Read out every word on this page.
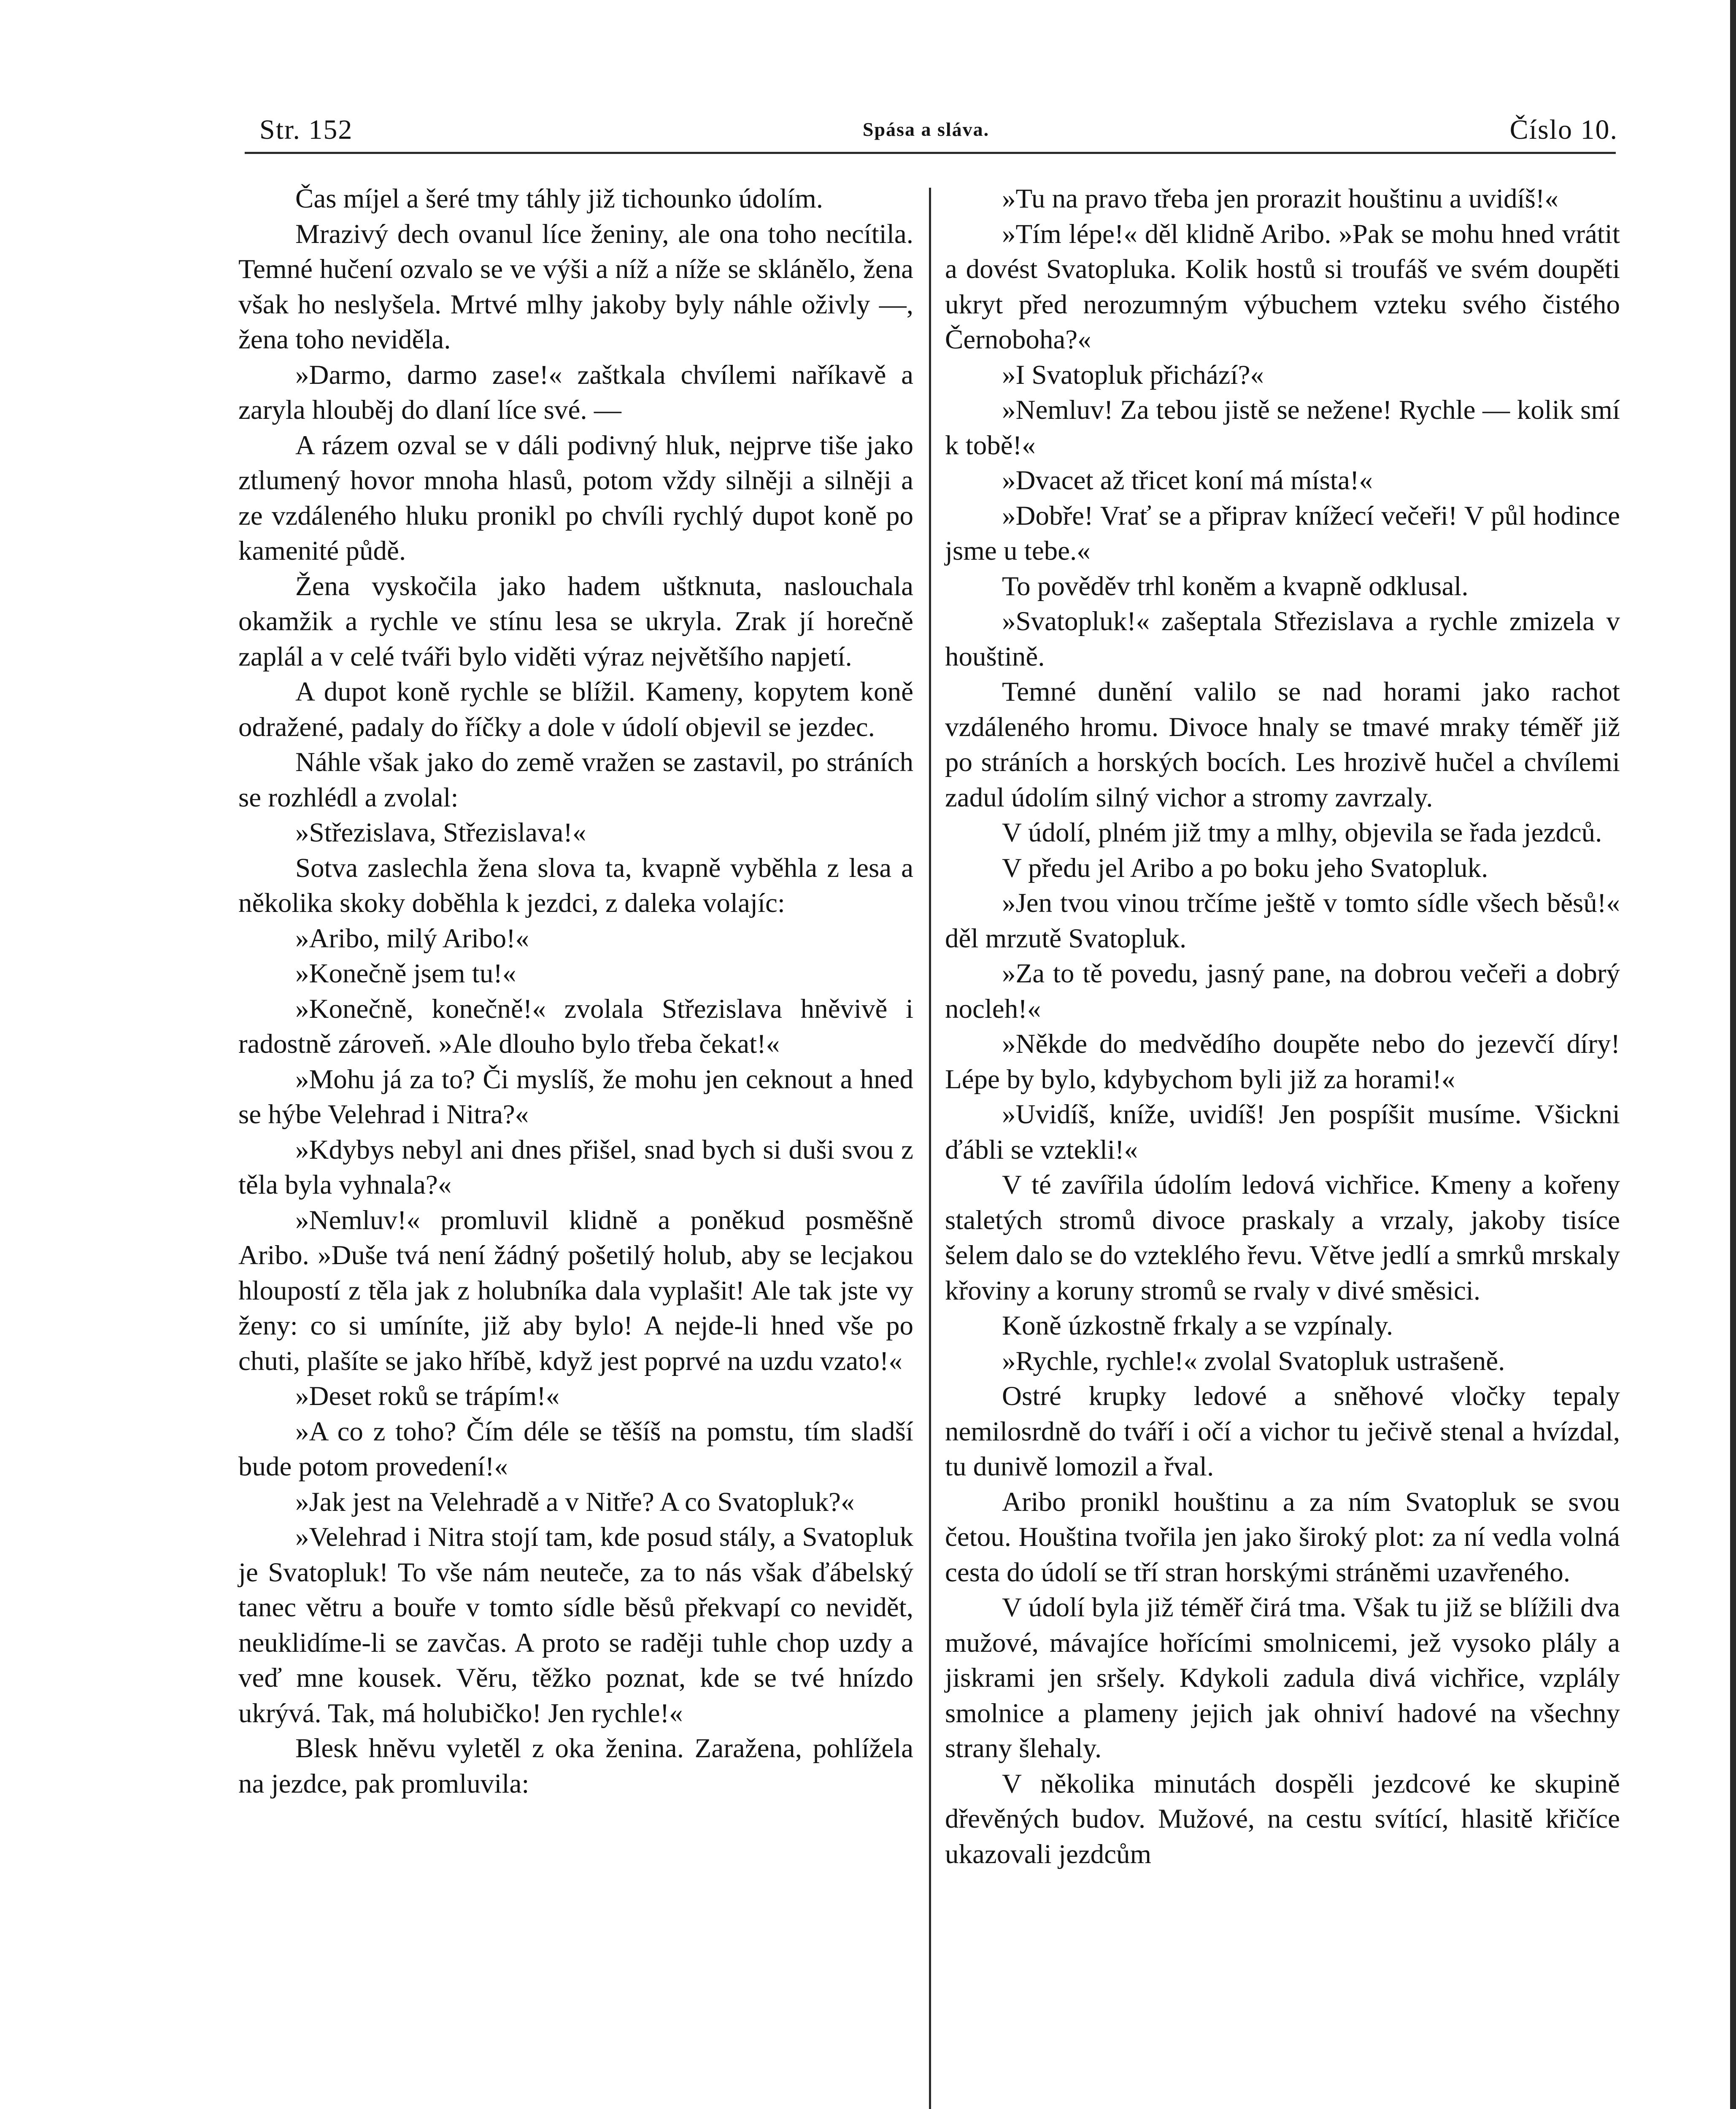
Str. 152	Spása a sláva.	Číslo 10.

Čas míjel a šeré tmy táhly již tichounko údolím.

Mrazivý dech ovanul líce ženiny, ale ona toho necítila. Temné hučení ozvalo se ve výši a níž a níže se sklánělo, žena však ho neslyšela. Mrtvé mlhy jakoby byly náhle oživly —, žena toho neviděla.

»Darmo, darmo zase!« zaštkala chvílemi naříkavě a zaryla hlouběj do dlaní líce své. —

A rázem ozval se v dáli podivný hluk, nejprve tiše jako ztlumený hovor mnoha hlasů, potom vždy silněji a silněji a ze vzdáleného hluku pronikl po chvíli rychlý dupot koně po kamenité půdě.

Žena vyskočila jako hadem uštknuta, naslouchala okamžik a rychle ve stínu lesa se ukryla. Zrak jí horečně zaplál a v celé tváři bylo viděti výraz největšího napjetí.

A dupot koně rychle se blížil. Kameny, kopytem koně odražené, padaly do říčky a dole v údolí objevil se jezdec.

Náhle však jako do země vražen se zastavil, po stráních se rozhlédl a zvolal:

»Střezislava, Střezislava!«

Sotva zaslechla žena slova ta, kvapně vyběhla z lesa a několika skoky doběhla k jezdci, z daleka volajíc:

»Aribo, milý Aribo!«

»Konečně jsem tu!«

»Konečně, konečně!« zvolala Střezislava hněvivě i radostně zároveň. »Ale dlouho bylo třeba čekat!«

»Mohu já za to? Či myslíš, že mohu jen ceknout a hned se hýbe Velehrad i Nitra?«

»Kdybys nebyl ani dnes přišel, snad bych si duši svou z těla byla vyhnala?«

»Nemluv!« promluvil klidně a poněkud posměšně Aribo. »Duše tvá není žádný pošetilý holub, aby se lecjakou hloupostí z těla jak z holubníka dala vyplašit! Ale tak jste vy ženy: co si umíníte, již aby bylo! A nejde-li hned vše po chuti, plašíte se jako hříbě, když jest poprvé na uzdu vzato!«

»Deset roků se trápím!«

»A co z toho? Čím déle se těšíš na pomstu, tím sladší bude potom provedení!«

»Jak jest na Velehradě a v Nitře? A co Svatopluk?«

»Velehrad i Nitra stojí tam, kde posud stály, a Svatopluk je Svatopluk! To vše nám neuteče, za to nás však ďábelský tanec větru a bouře v tomto sídle běsů překvapí co nevidět, neuklidíme-li se zavčas. A proto se raději tuhle chop uzdy a veď mne kousek. Věru, těžko poznat, kde se tvé hnízdo ukrývá. Tak, má holubičko! Jen rychle!«

Blesk hněvu vyletěl z oka ženina. Zaražena, pohlížela na jezdce, pak promluvila:

»Tu na pravo třeba jen prorazit houštinu a uvidíš!«

»Tím lépe!« děl klidně Aribo. »Pak se mohu hned vrátit a dovést Svatopluka. Kolik hostů si troufáš ve svém doupěti ukryt před nerozumným výbuchem vzteku svého čistého Černoboha?«

»I Svatopluk přichází?«

»Nemluv! Za tebou jistě se nežene! Rychle — kolik smí k tobě!«

»Dvacet až třicet koní má místa!«

»Dobře! Vrať se a připrav knížecí večeři! V půl hodince jsme u tebe.«

To pověděv trhl koněm a kvapně odklusal.

»Svatopluk!« zašeptala Střezislava a rychle zmizela v houštině.

Temné dunění valilo se nad horami jako rachot vzdáleného hromu. Divoce hnaly se tmavé mraky téměř již po stráních a horských bocích. Les hrozivě hučel a chvílemi zadul údolím silný vichor a stromy zavrzaly.

V údolí, plném již tmy a mlhy, objevila se řada jezdců.

V předu jel Aribo a po boku jeho Svatopluk.

»Jen tvou vinou trčíme ještě v tomto sídle všech běsů!« děl mrzutě Svatopluk.

»Za to tě povedu, jasný pane, na dobrou večeři a dobrý nocleh!«

»Někde do medvědího doupěte nebo do jezevčí díry! Lépe by bylo, kdybychom byli již za horami!«

»Uvidíš, kníže, uvidíš! Jen pospíšit musíme. Všickni ďábli se vztekli!«

V té zavířila údolím ledová vichřice. Kmeny a kořeny staletých stromů divoce praskaly a vrzaly, jakoby tisíce šelem dalo se do vzteklého řevu. Větve jedlí a smrků mrskaly křoviny a koruny stromů se rvaly v divé směsici.

Koně úzkostně frkaly a se vzpínaly.

»Rychle, rychle!« zvolal Svatopluk ustrašeně.

Ostré krupky ledové a sněhové vločky tepaly nemilosrdně do tváří i očí a vichor tu ječivě stenal a hvízdal, tu dunivě lomozil a řval.

Aribo pronikl houštinu a za ním Svatopluk se svou četou. Houština tvořila jen jako široký plot: za ní vedla volná cesta do údolí se tří stran horskými stráněmi uzavřeného.

V údolí byla již téměř čirá tma. Však tu již se blížili dva mužové, mávajíce hořícími smolnicemi, jež vysoko plály a jiskrami jen sršely. Kdykoli zadula divá vichřice, vzplály smolnice a plameny jejich jak ohniví hadové na všechny strany šlehaly.

V několika minutách dospěli jezdcové ke skupině dřevěných budov. Mužové, na cestu svítící, hlasitě křičíce ukazovali jezdcům
